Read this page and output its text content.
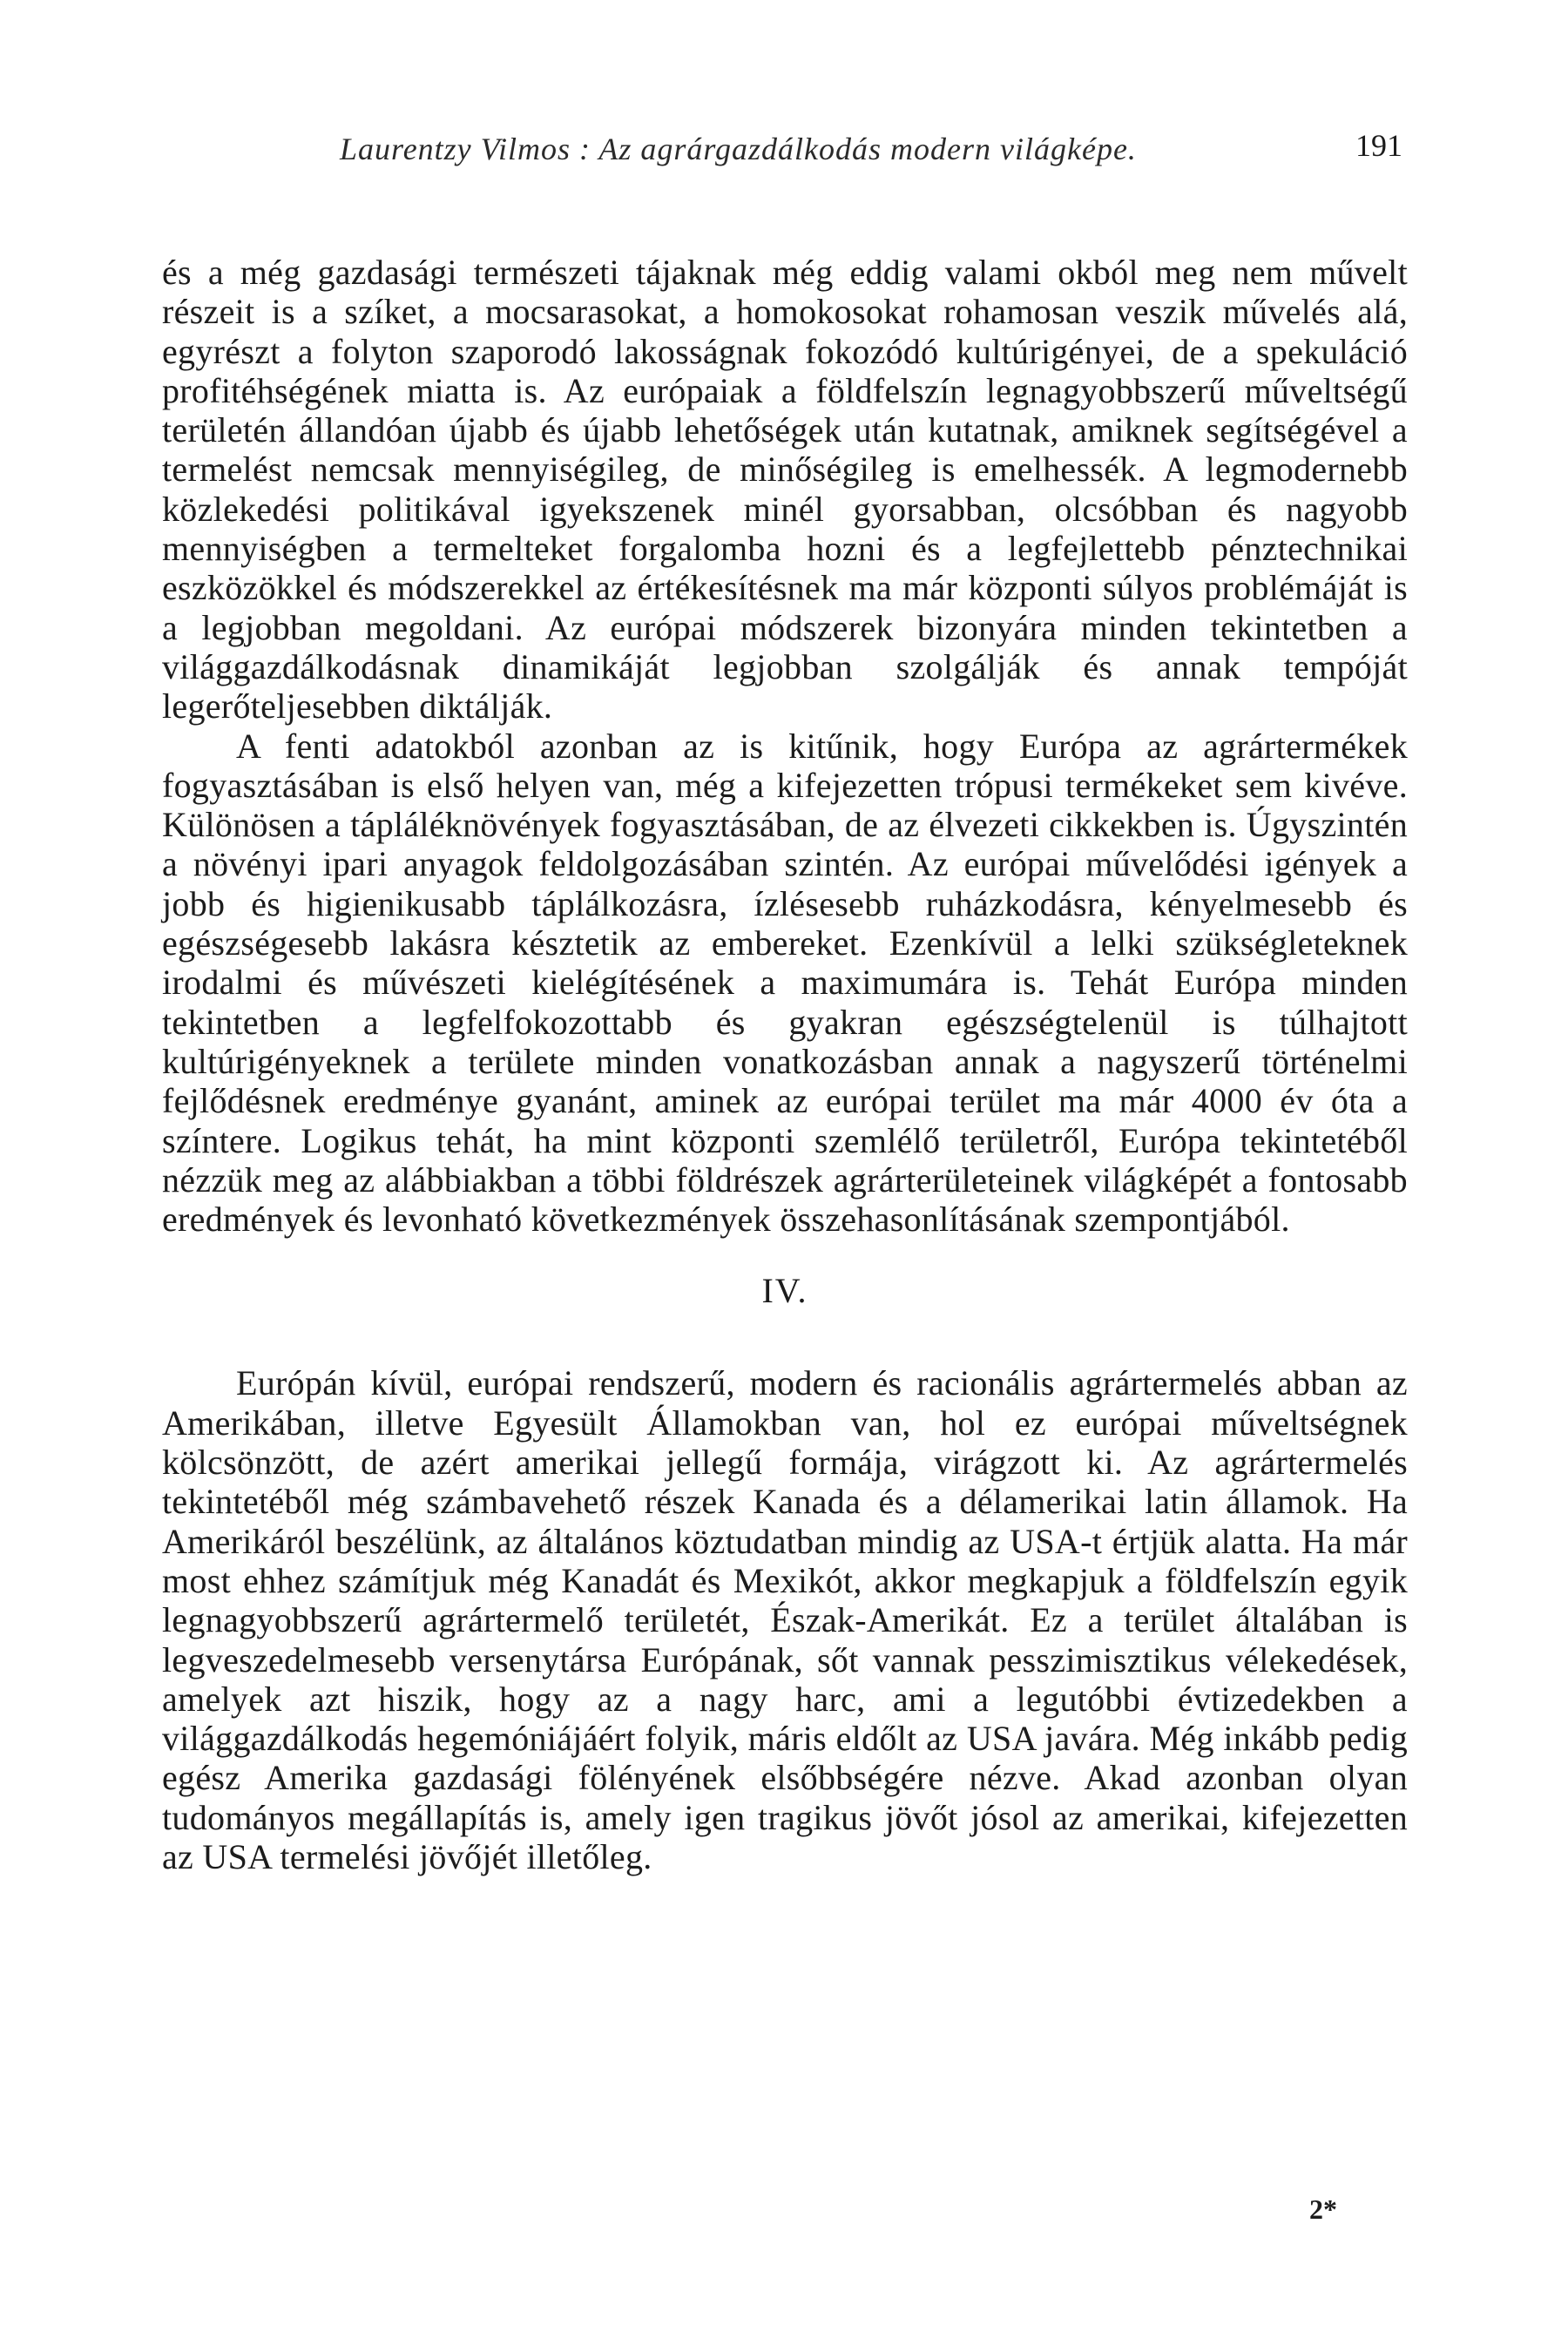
Laurentzy Vilmos : Az agrárgazdálkodás modern világképe.	191

és a még gazdasági természeti tájaknak még eddig valami okból meg nem művelt részeit is a szíket, a mocsarasokat, a homokosokat rohamosan veszik művelés alá, egyrészt a folyton szaporodó lakosságnak fokozódó kultúrigényei, de a spekuláció profitéhségének miatta is. Az európaiak a földfelszín legnagyobbszerű műveltségű területén állandóan újabb és újabb lehetőségek után kutatnak, amiknek segítségével a termelést nemcsak mennyiségileg, de minőségileg is emelhessék. A legmodernebb közlekedési politikával igyekszenek minél gyorsabban, olcsóbban és nagyobb mennyiségben a termelteket forgalomba hozni és a legfejlettebb pénztechnikai eszközökkel és módszerekkel az értékesítésnek ma már központi súlyos problémáját is a legjobban megoldani. Az európai módszerek bizonyára minden tekintetben a világgazdálkodásnak dinamikáját legjobban szolgálják és annak tempóját legerőteljesebben diktálják.

A fenti adatokból azonban az is kitűnik, hogy Európa az agrártermékek fogyasztásában is első helyen van, még a kifejezetten trópusi termékeket sem kivéve. Különösen a tápláléknövények fogyasztásában, de az élvezeti cikkekben is. Úgyszintén a növényi ipari anyagok feldolgozásában szintén. Az európai művelődési igények a jobb és higienikusabb táplálkozásra, ízlésesebb ruházkodásra, kényelmesebb és egészségesebb lakásra késztetik az embereket. Ezenkívül a lelki szükségleteknek irodalmi és művészeti kielégítésének a maximumára is. Tehát Európa minden tekintetben a legfelfokozottabb és gyakran egészségtelenül is túlhajtott kultúrigényeknek a területe minden vonatkozásban annak a nagyszerű történelmi fejlődésnek eredménye gyanánt, aminek az európai terület ma már 4000 év óta a színtere. Logikus tehát, ha mint központi szemlélő területről, Európa tekintetéből nézzük meg az alábbiakban a többi földrészek agrárterületeinek világképét a fontosabb eredmények és levonható következmények összehasonlításának szempontjából.

IV.

Európán kívül, európai rendszerű, modern és racionális agrártermelés abban az Amerikában, illetve Egyesült Államokban van, hol ez európai műveltségnek kölcsönzött, de azért amerikai jellegű formája, virágzott ki. Az agrártermelés tekintetéből még számbavehető részek Kanada és a délamerikai latin államok. Ha Amerikáról beszélünk, az általános köztudatban mindig az USA-t értjük alatta. Ha már most ehhez számítjuk még Kanadát és Mexikót, akkor megkapjuk a földfelszín egyik legnagyobbszerű agrártermelő területét, Észak-Amerikát. Ez a terület általában is legveszedelmesebb versenytársa Európának, sőt vannak pesszimisztikus vélekedések, amelyek azt hiszik, hogy az a nagy harc, ami a legutóbbi évtizedekben a világgazdálkodás hegemóniájáért folyik, máris eldőlt az USA javára. Még inkább pedig egész Amerika gazdasági fölényének elsőbbségére nézve. Akad azonban olyan tudományos megállapítás is, amely igen tragikus jövőt jósol az amerikai, kifejezetten az USA termelési jövőjét illetőleg.

2*
